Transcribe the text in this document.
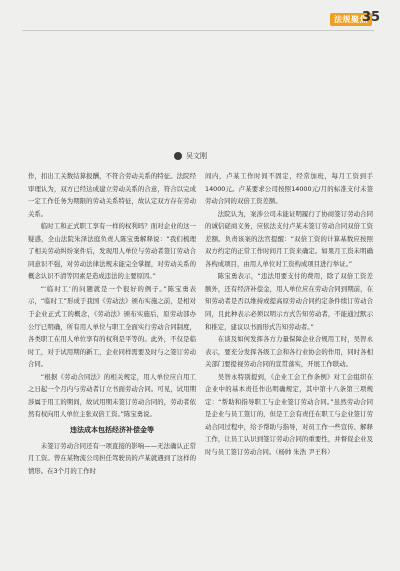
法规聚焦
35
吴文刚

作，扣出工关数结算报酬，不符合劳动关系的特征。法院经审理认为，双方已经达成建立劳动关系的合意，符合以完成一定工作任务为期限的劳动关系特征，故认定双方存在劳动关系。

临时工和正式职工享有一样的权利吗？面对企业的这一疑惑，全山法院朱泽法庭负责人陈宝勇解释说：“我们梳理了相关劳动纠纷案件后，发现用人单位与劳动者签订劳动合同意识不强，对劳动法律法规未能完全掌握，对劳动关系的概念认识不清等因素是造成违法的主要原因。”

“‘临时工’的问题就是一个很好的例子。”陈宝勇表示，“临时工”形成于我国《劳动法》颁布实施之前，是相对于企业正式工的概念，《劳动法》颁布实施后，原劳动部办公厅已明确，所有用人单位与职工全面实行劳动合同制度，各类职工在用人单位享有的权利是平等的。此外，不仅是临时工，对于试用期的新工，企业同样需要及时与之签订劳动合同。

“根据《劳动合同法》的相关规定，用人单位应自用工之日起一个月内与劳动者订立书面劳动合同。可见，试用期涉属于用工的期间，故试用期未签订劳动合同的，劳动者依然有权向用人单位主张双倍工资。”陈宝勇说。

违法成本包括经济补偿金等

未签订劳动合同还有一项直接的影响——无法确认正常月工资。曾在某物流公司担任驾驶员的卢某就遇到了这样的情形。在3个月的工作时

间内，卢某工作时间不固定，经常加班，每月工资到手14000元。卢某要求公司按照14000元/月的标准支付未签劳动合同的双倍工资差额。

法院认为，案涉公司未能证明履行了协商签订劳动合同的诚信磋商义务，应依法支付卢某未签订劳动合同双倍工资差额。负责该案的法官提醒：“双倍工资的计算基数应按照双方约定的正常工作时间月工资来确定。如果月工资未明确各构成项目，由用人单位对工资构成项目进行举证。”

陈宝勇表示，“违法用要支付的费用，除了双倍工资差额外，还有经济补偿金，用人单位应在劳动合同到期前，在知劳动者是否以维持或提高原劳动合同约定条件续订劳动合同，且此种表示必须以明示方式告知劳动者，不能通过默示和推定，建议以书面形式告知劳动者。”

在谈及如何发挥各方力量保障企业合规用工时，吴智永表示，要充分发挥各级工会和各行业协会的作用，同时各相关部门要提视劳动合同的宣贯落实，开展工作联动。

吴智永特别提到，《企业工会工作条例》对工会组织在企业中的基本责任作出明确规定，其中第十八条第三项规定：“帮助和指导职工与企业签订劳动合同。”虽然劳动合同是企业与员工签订的，但是工会有责任在职工与企业签订劳动合同过程中，给予帮助与指导，对员工作一些宣传、解释工作，让员工认识到签订劳动合同的重要性，并督促企业及时与员工签订劳动合同。（杨帅 朱浩 尹王科）
